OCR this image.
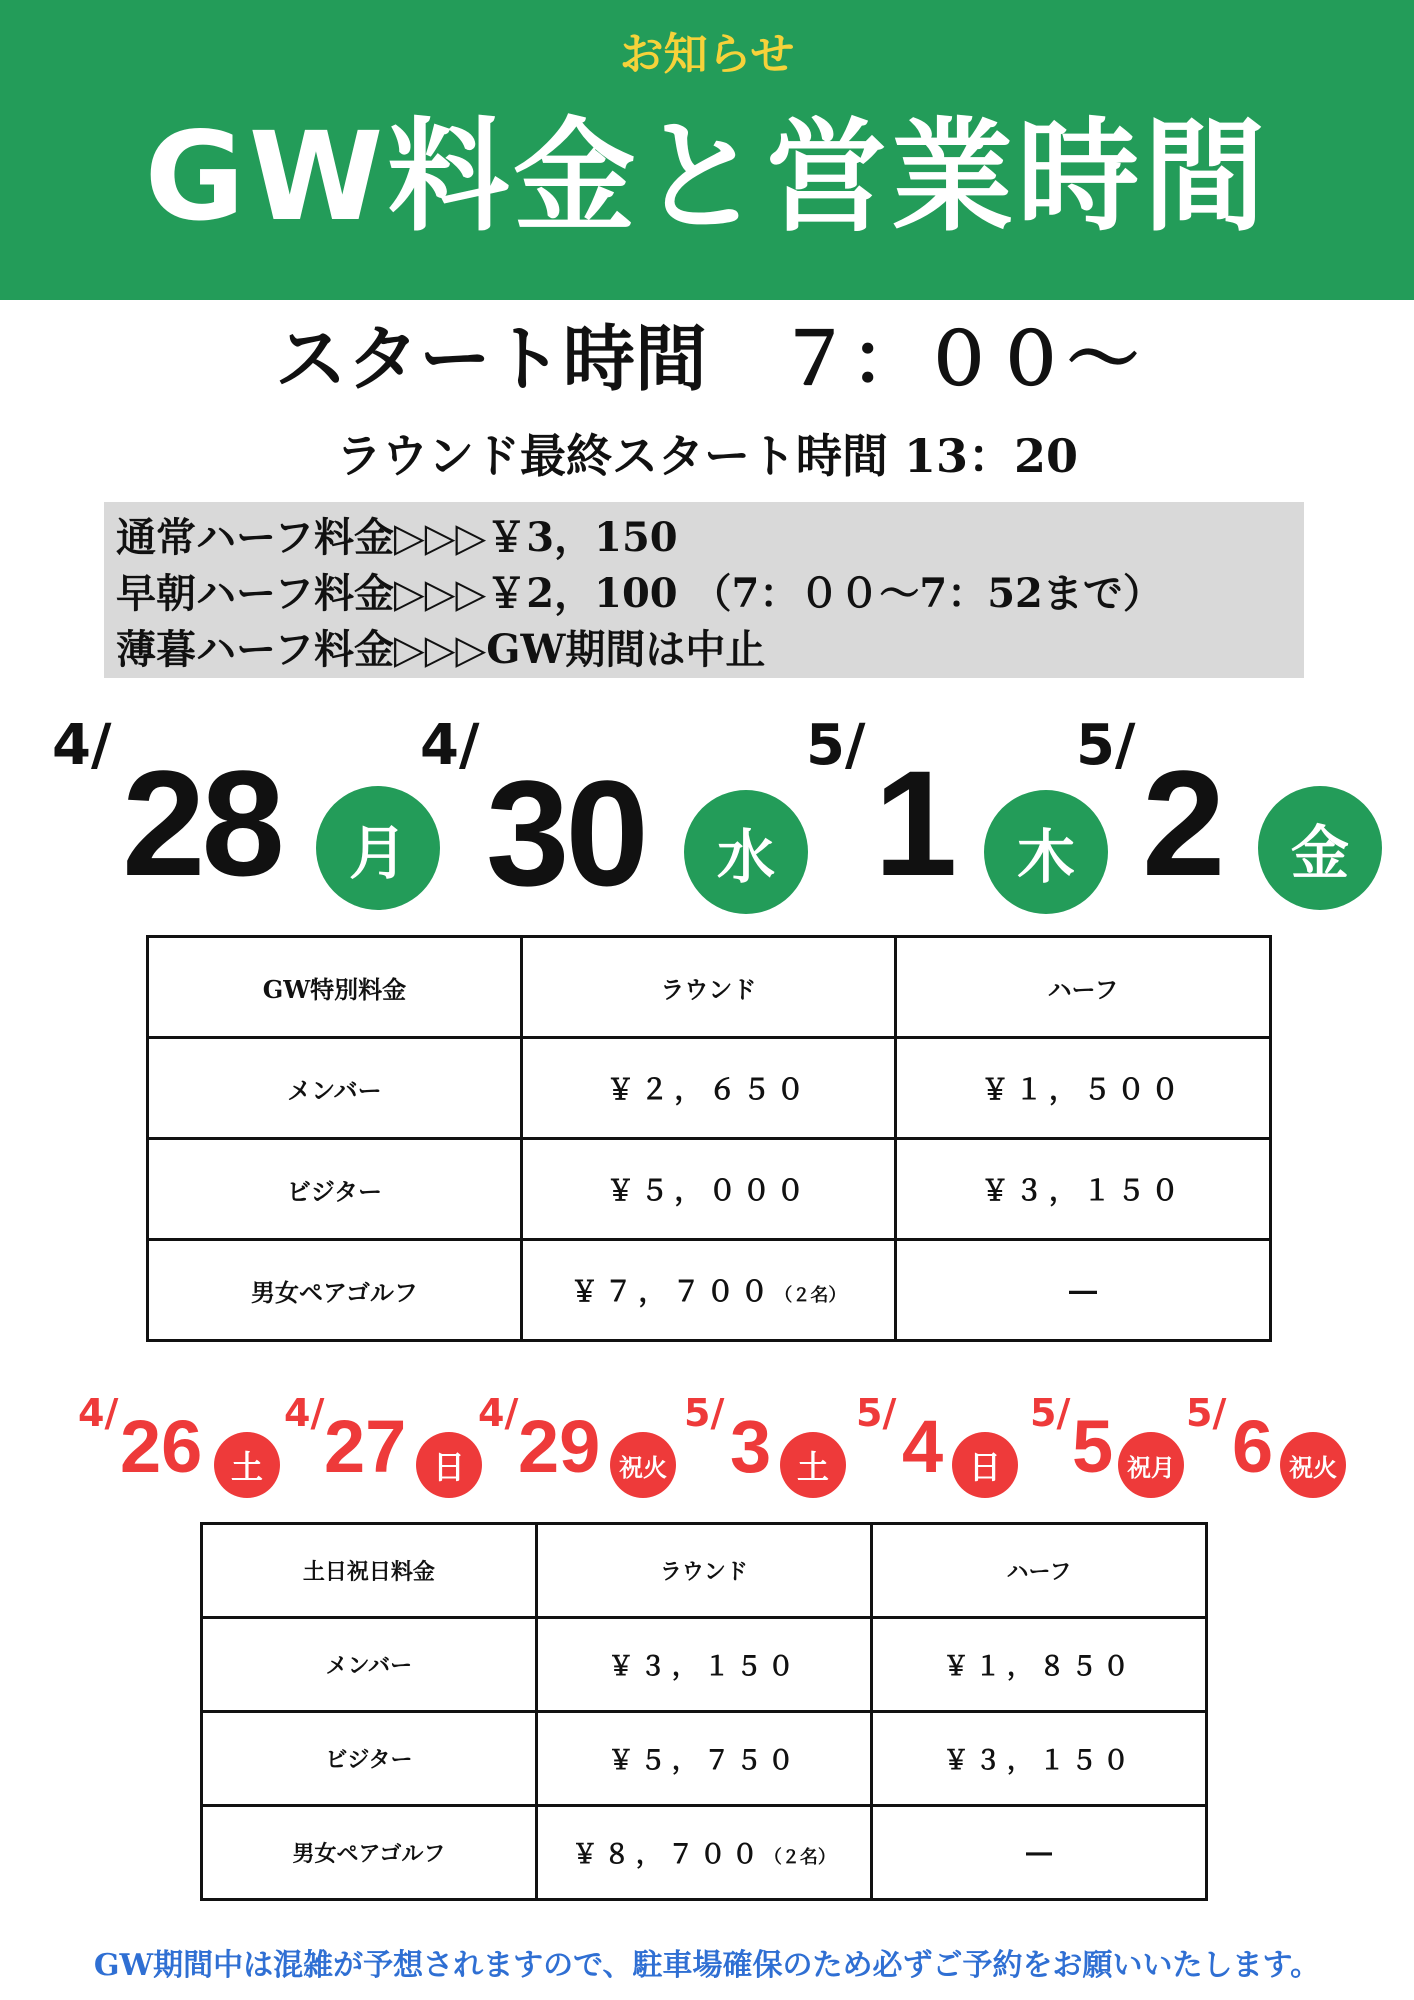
お知らせ
GW料金と営業時間
スタート時間　７：００～
ラウンド最終スタート時間 13：20
通常ハーフ料金▷▷▷￥3，150
早朝ハーフ料金▷▷▷￥2，100 （7：００～7：52まで）
薄暮ハーフ料金▷▷▷GW期間は中止
4/ 28	月
4/
30	水
5/ 1	木
5/ 2	金
GW特別料金	ラウンド	ハーフ
メンバー	￥２，６５０	￥１，５００
ビジター	￥５，０００	￥３，１５０
男女ペアゴルフ	￥７，７００（２名）	―
4/ 26 土
4/ 27 日
4/ 29 祝火
5/ 3 土
5/ 4 日
5/ 5 祝月
5/ 6 祝火
土日祝日料金	ラウンド	ハーフ
メンバー	￥３，１５０	￥１，８５０
ビジター	￥５，７５０	￥３，１５０
男女ペアゴルフ	￥８，７００（２名）	―
GW期間中は混雑が予想されますので、駐車場確保のため必ずご予約をお願いいたします。
